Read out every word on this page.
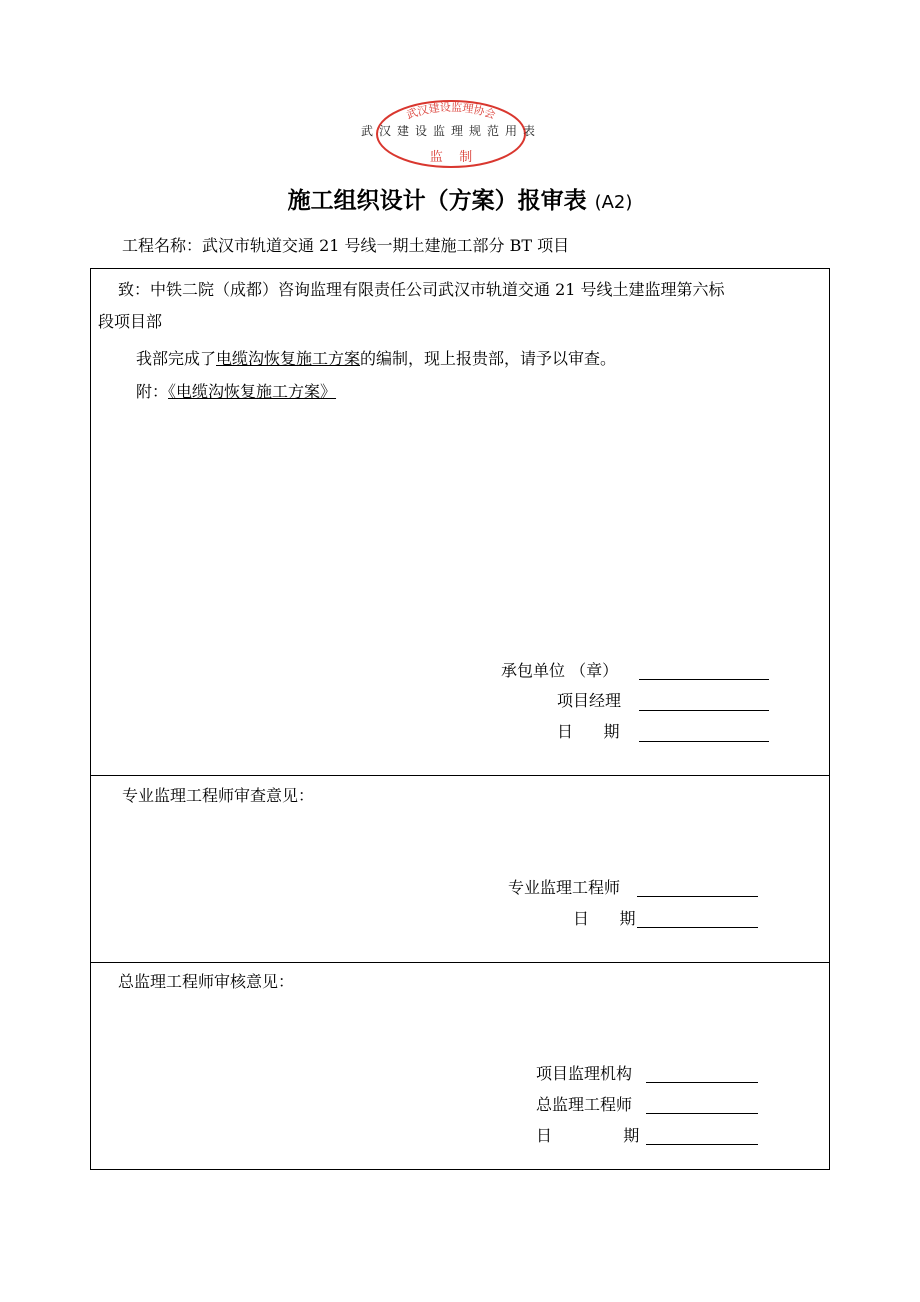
武汉建设监理协会
武汉建设监理规范用表
监    制
施工组织设计（方案）报审表 (A2)
工程名称：武汉市轨道交通 21 号线一期土建施工部分 BT 项目
致：中铁二院（成都）咨询监理有限责任公司武汉市轨道交通 21 号线土建监理第六标
段项目部
我部完成了电缆沟恢复施工方案的编制，现上报贵部，请予以审查。
附：《电缆沟恢复施工方案》
承包单位 （章）
项目经理
日      期
专业监理工程师审查意见：
专业监理工程师
日      期
总监理工程师审核意见：
项目监理机构
总监理工程师
日              期
